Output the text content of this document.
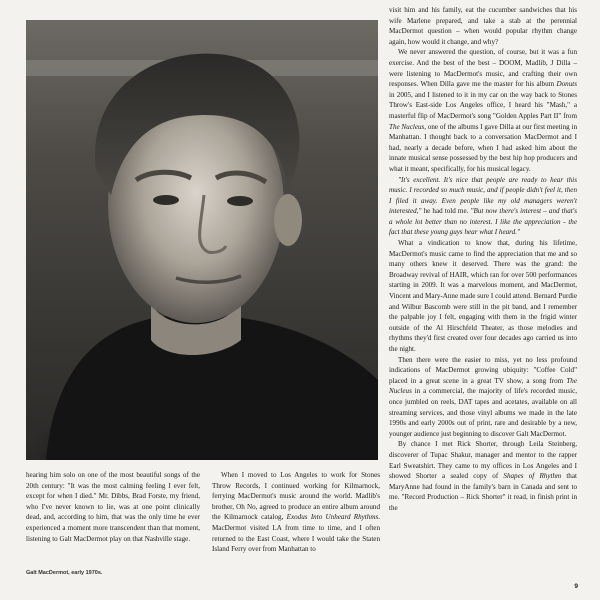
hearing him solo on one of the most beautiful songs of the 20th century: "It was the most calming feeling I ever felt, except for when I died." Mr. Dibbs, Brad Forste, my friend, who I've never known to lie, was at one point clinically dead, and, according to him, that was the only time he ever experienced a moment more transcendent than that moment, listening to Galt MacDermot play on that Nashville stage.

When I moved to Los Angeles to work for Stones Throw Records, I continued working for Kilmarnock, ferrying MacDermot's music around the world. Madlib's brother, Oh No, agreed to produce an entire album around the Kilmarnock catalog, Exodus Into Unheard Rhythms. MacDermot visited LA from time to time, and I often returned to the East Coast, where I would take the Staten Island Ferry over from Manhattan to

visit him and his family, eat the cucumber sandwiches that his wife Marlene prepared, and take a stab at the perennial MacDermot question – when would popular rhythm change again, how would it change, and why?

We never answered the question, of course, but it was a fun exercise. And the best of the best – DOOM, Madlib, J Dilla – were listening to MacDermot's music, and crafting their own responses. When Dilla gave me the master for his album Donuts in 2005, and I listened to it in my car on the way back to Stones Throw's East-side Los Angeles office, I heard his "Mash," a masterful flip of MacDermot's song "Golden Apples Part II" from The Nucleus, one of the albums I gave Dilla at our first meeting in Manhattan. I thought back to a conversation MacDermot and I had, nearly a decade before, when I had asked him about the innate musical sense possessed by the best hip hop producers and what it meant, specifically, for his musical legacy.

"It's excellent. It's nice that people are ready to hear this music. I recorded so much music, and if people didn't feel it, then I filed it away. Even people like my old managers weren't interested," he had told me. "But now there's interest – and that's a whole lot better than no interest. I like the appreciation - the fact that these young guys hear what I heard."

What a vindication to know that, during his lifetime, MacDermot's music came to find the appreciation that me and so many others knew it deserved. There was the grand: the Broadway revival of HAIR, which ran for over 500 performances starting in 2009. It was a marvelous moment, and MacDermot, Vincent and Mary-Anne made sure I could attend. Bernard Purdie and Wilbur Bascomb were still in the pit band, and I remember the palpable joy I felt, engaging with them in the frigid winter outside of the Al Hirschfeld Theater, as those melodies and rhythms they'd first created over four decades ago carried us into the night.

Then there were the easier to miss, yet no less profound indications of MacDermot growing ubiquity: "Coffee Cold" placed in a great scene in a great TV show, a song from The Nucleus in a commercial, the majority of life's recorded music, once jumbled on reels, DAT tapes and acetates, available on all streaming services, and those vinyl albums we made in the late 1990s and early 2000s out of print, rare and desirable by a new, younger audience just beginning to discover Galt MacDermot.

By chance I met Rick Shorter, through Leila Steinberg, discoverer of Tupac Shakur, manager and mentor to the rapper Earl Sweatshirt. They came to my offices in Los Angeles and I showed Shorter a sealed copy of Shapes of Rhythm that MaryAnne had found in the family's barn in Canada and sent to me. "Record Production – Rick Shorter" it read, in finish print in the

Galt MacDermot, early 1970s.
9
